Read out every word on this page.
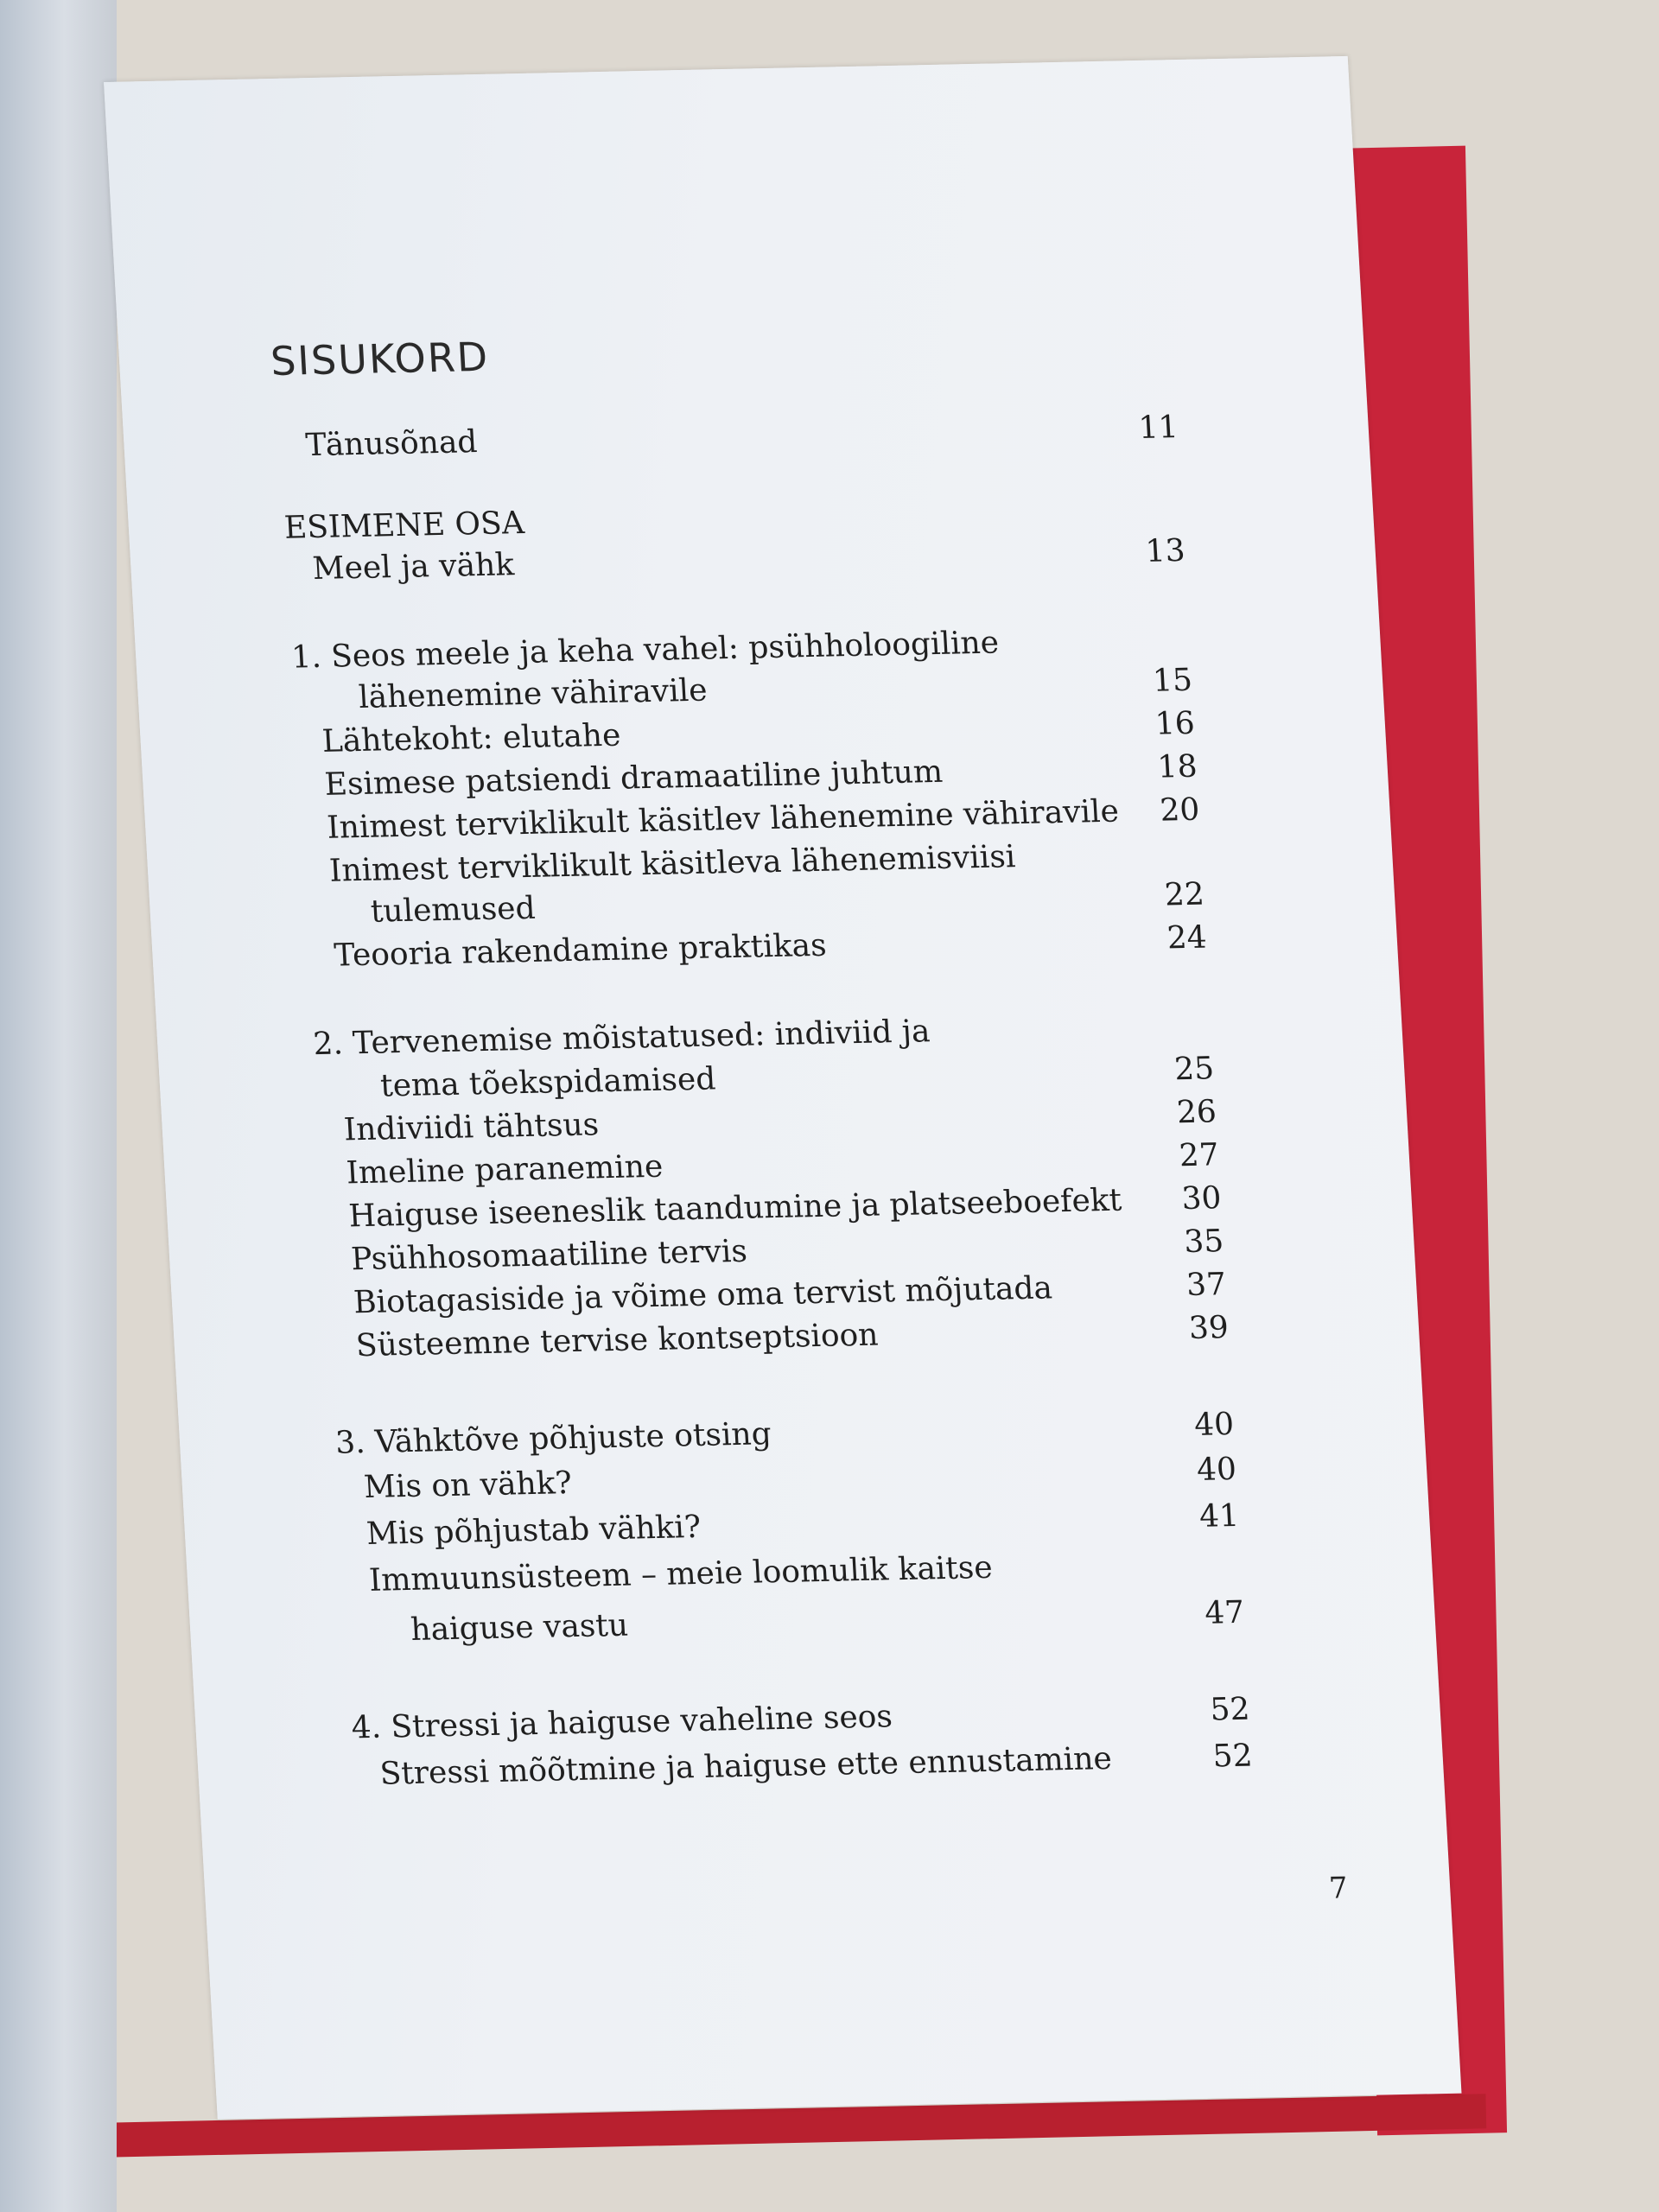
SISUKORD
Tänusõnad	11
ESIMENE OSA
Meel ja vähk	13
1. Seos meele ja keha vahel: psühholoogiline
lähenemine vähiravile	15
Lähtekoht: elutahe	16
Esimese patsiendi dramaatiline juhtum	18
Inimest terviklikult käsitlev lähenemine vähiravile	20
Inimest terviklikult käsitleva lähenemisviisi
tulemused	22
Teooria rakendamine praktikas	24
2. Tervenemise mõistatused: indiviid ja
tema tõekspidamised	25
Indiviidi tähtsus	26
Imeline paranemine	27
Haiguse iseeneslik taandumine ja platseeboefekt	30
Psühhosomaatiline tervis	35
Biotagasiside ja võime oma tervist mõjutada	37
Süsteemne tervise kontseptsioon	39
3. Vähktõve põhjuste otsing	40
Mis on vähk?	40
Mis põhjustab vähki?	41
Immuunsüsteem – meie loomulik kaitse
haiguse vastu	47
4. Stressi ja haiguse vaheline seos	52
Stressi mõõtmine ja haiguse ette ennustamine	52
7
